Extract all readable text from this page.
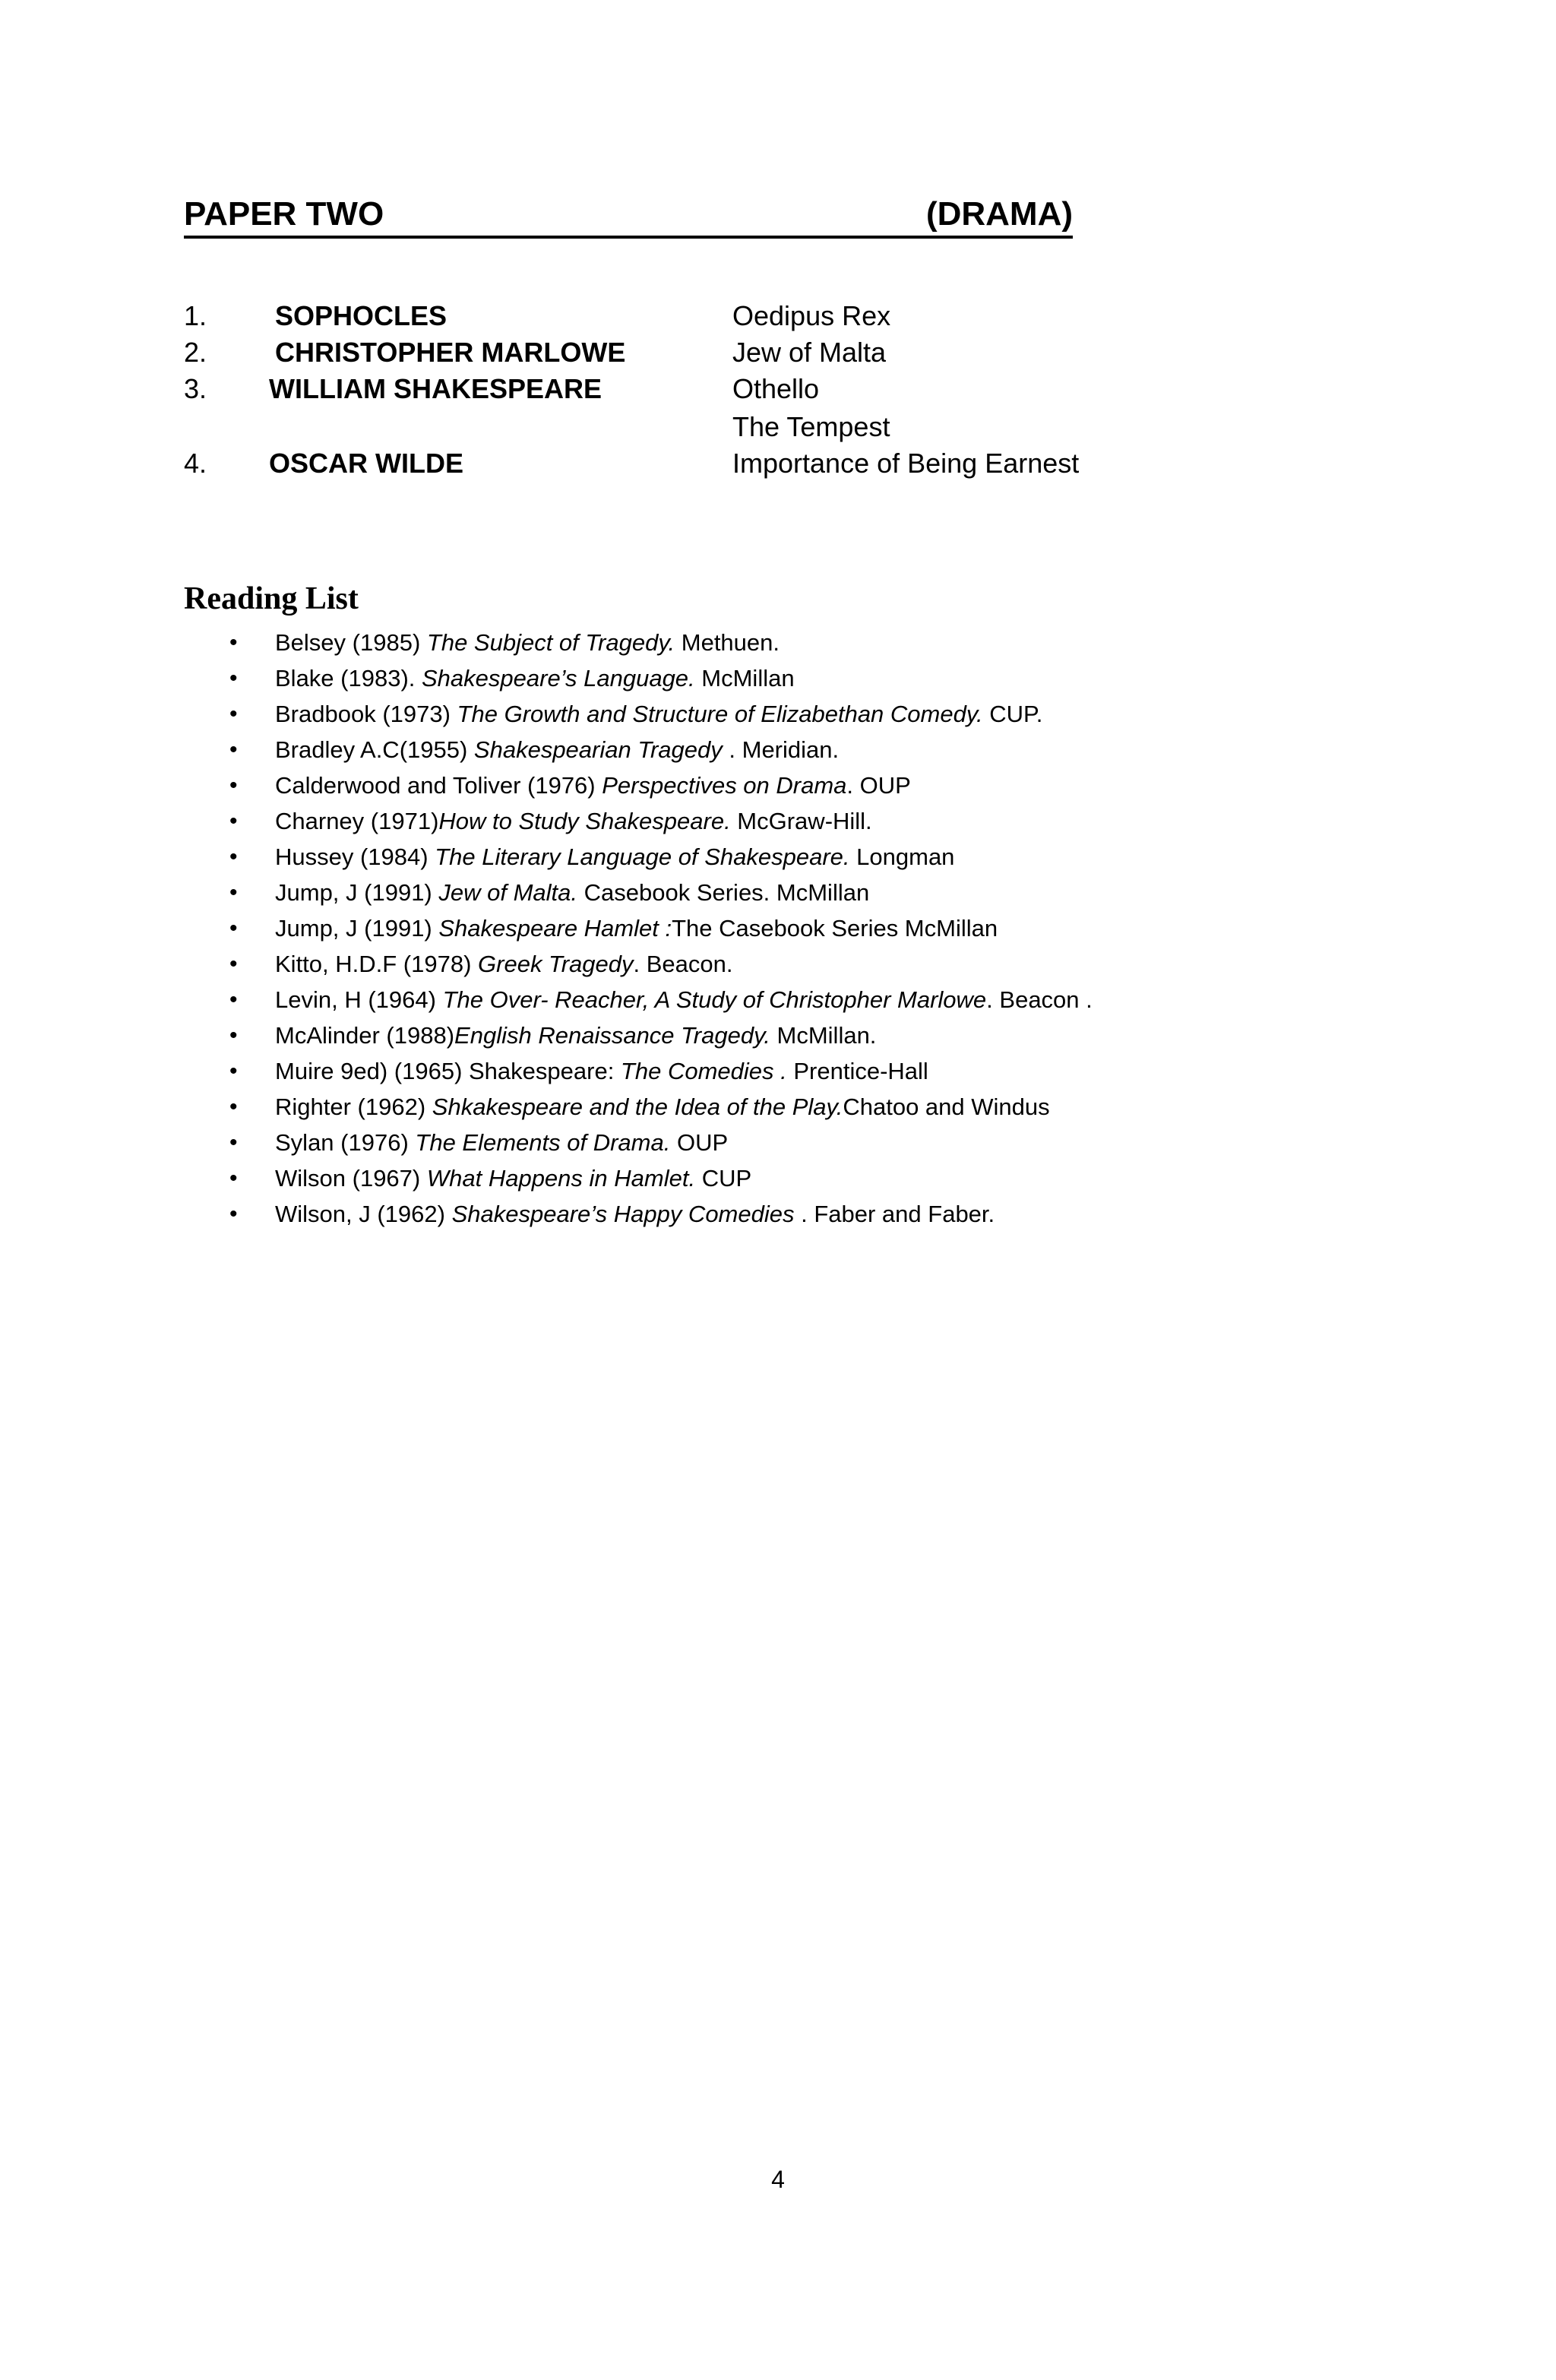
PAPER TWO	(DRAMA)
1. SOPHOCLES	Oedipus Rex
2. CHRISTOPHER MARLOWE	Jew of Malta
3. WILLIAM SHAKESPEARE	Othello
The Tempest
4. OSCAR WILDE	Importance of Being Earnest
Reading List
• Belsey (1985) The Subject of Tragedy. Methuen.
• Blake (1983). Shakespeare’s Language. McMillan
• Bradbook (1973) The Growth and Structure of Elizabethan Comedy. CUP.
• Bradley A.C(1955) Shakespearian Tragedy . Meridian.
• Calderwood and Toliver (1976) Perspectives on Drama. OUP
• Charney (1971)How to Study Shakespeare. McGraw-Hill.
• Hussey (1984) The Literary Language of Shakespeare. Longman
• Jump, J (1991) Jew of Malta. Casebook Series. McMillan
• Jump, J (1991) Shakespeare Hamlet :The Casebook Series McMillan
• Kitto, H.D.F (1978) Greek Tragedy. Beacon.
• Levin, H (1964) The Over- Reacher, A Study of Christopher Marlowe. Beacon .
• McAlinder (1988)English Renaissance Tragedy. McMillan.
• Muire 9ed) (1965) Shakespeare: The Comedies . Prentice-Hall
• Righter (1962) Shkakespeare and the Idea of the Play.Chatoo and Windus
• Sylan (1976) The Elements of Drama. OUP
• Wilson (1967) What Happens in Hamlet. CUP
• Wilson, J (1962) Shakespeare’s Happy Comedies . Faber and Faber.
4
